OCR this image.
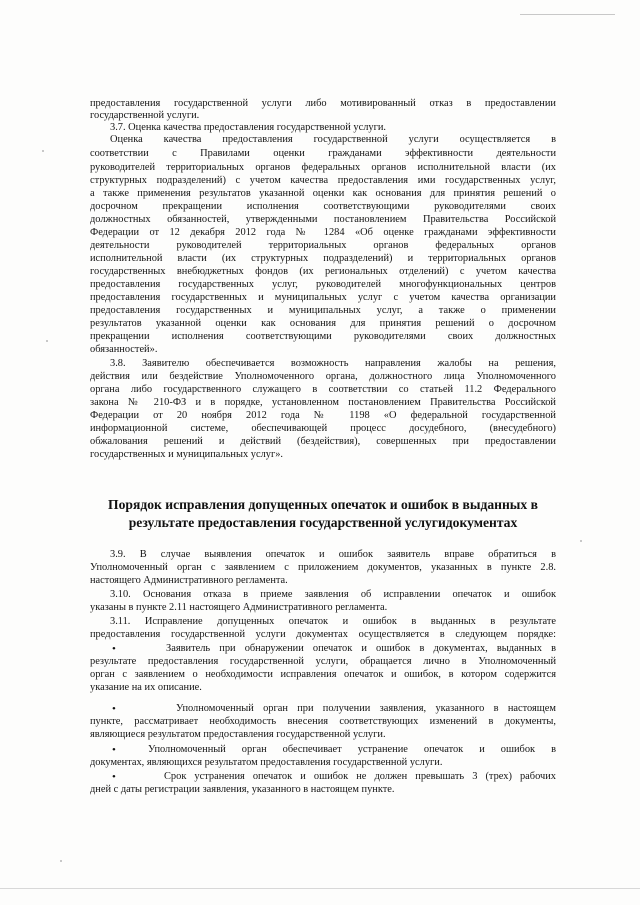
предоставления государственной услуги либо мотивированный отказ в предоставлении
государственной услуги.
3.7. Оценка качества предоставления государственной услуги.
Оценка качества предоставления государственной услуги осуществляется в
соответствии с Правилами оценки гражданами эффективности деятельности
руководителей территориальных органов федеральных органов исполнительной власти (их
структурных подразделений) с учетом качества предоставления ими государственных услуг,
а также применения результатов указанной оценки как основания для принятия решений о
досрочном прекращении исполнения соответствующими руководителями своих
должностных обязанностей, утвержденными постановлением Правительства Российской
Федерации от 12 декабря 2012 года № 1284 «Об оценке гражданами эффективности
деятельности руководителей территориальных органов федеральных органов
исполнительной власти (их структурных подразделений) и территориальных органов
государственных внебюджетных фондов (их региональных отделений) с учетом качества
предоставления государственных услуг, руководителей многофункциональных центров
предоставления государственных и муниципальных услуг с учетом качества организации
предоставления государственных и муниципальных услуг, а также о применении
результатов указанной оценки как основания для принятия решений о досрочном
прекращении исполнения соответствующими руководителями своих должностных
обязанностей».
3.8. Заявителю обеспечивается возможность направления жалобы на решения,
действия или бездействие Уполномоченного органа, должностного лица Уполномоченного
органа либо государственного служащего в соответствии со статьей 11.2 Федерального
закона № 210-ФЗ и в порядке, установленном постановлением Правительства Российской
Федерации от 20 ноября 2012 года № 1198 «О федеральной государственной
информационной системе, обеспечивающей процесс досудебного, (внесудебного)
обжалования решений и действий (бездействия), совершенных при предоставлении
государственных и муниципальных услуг».
Порядок исправления допущенных опечаток и ошибок в выданных в
результате предоставления государственной услугидокументах
3.9. В случае выявления опечаток и ошибок заявитель вправе обратиться в
Уполномоченный орган с заявлением с приложением документов, указанных в пункте 2.8.
настоящего Административного регламента.
3.10. Основания отказа в приеме заявления об исправлении опечаток и ошибок
указаны в пункте 2.11 настоящего Административного регламента.
3.11. Исправление допущенных опечаток и ошибок в выданных в результате
предоставления государственной услуги документах осуществляется в следующем порядке:
•	Заявитель при обнаружении опечаток и ошибок в документах, выданных в
результате предоставления государственной услуги, обращается лично в Уполномоченный
орган с заявлением о необходимости исправления опечаток и ошибок, в котором содержится
указание на их описание.
•	Уполномоченный орган при получении заявления, указанного в настоящем
пункте, рассматривает необходимость внесения соответствующих изменений в документы,
являющиеся результатом предоставления государственной услуги.
•	Уполномоченный орган обеспечивает устранение опечаток и ошибок в
документах, являющихся результатом предоставления государственной услуги.
•	Срок устранения опечаток и ошибок не должен превышать 3 (трех) рабочих
дней с даты регистрации заявления, указанного в настоящем пункте.
